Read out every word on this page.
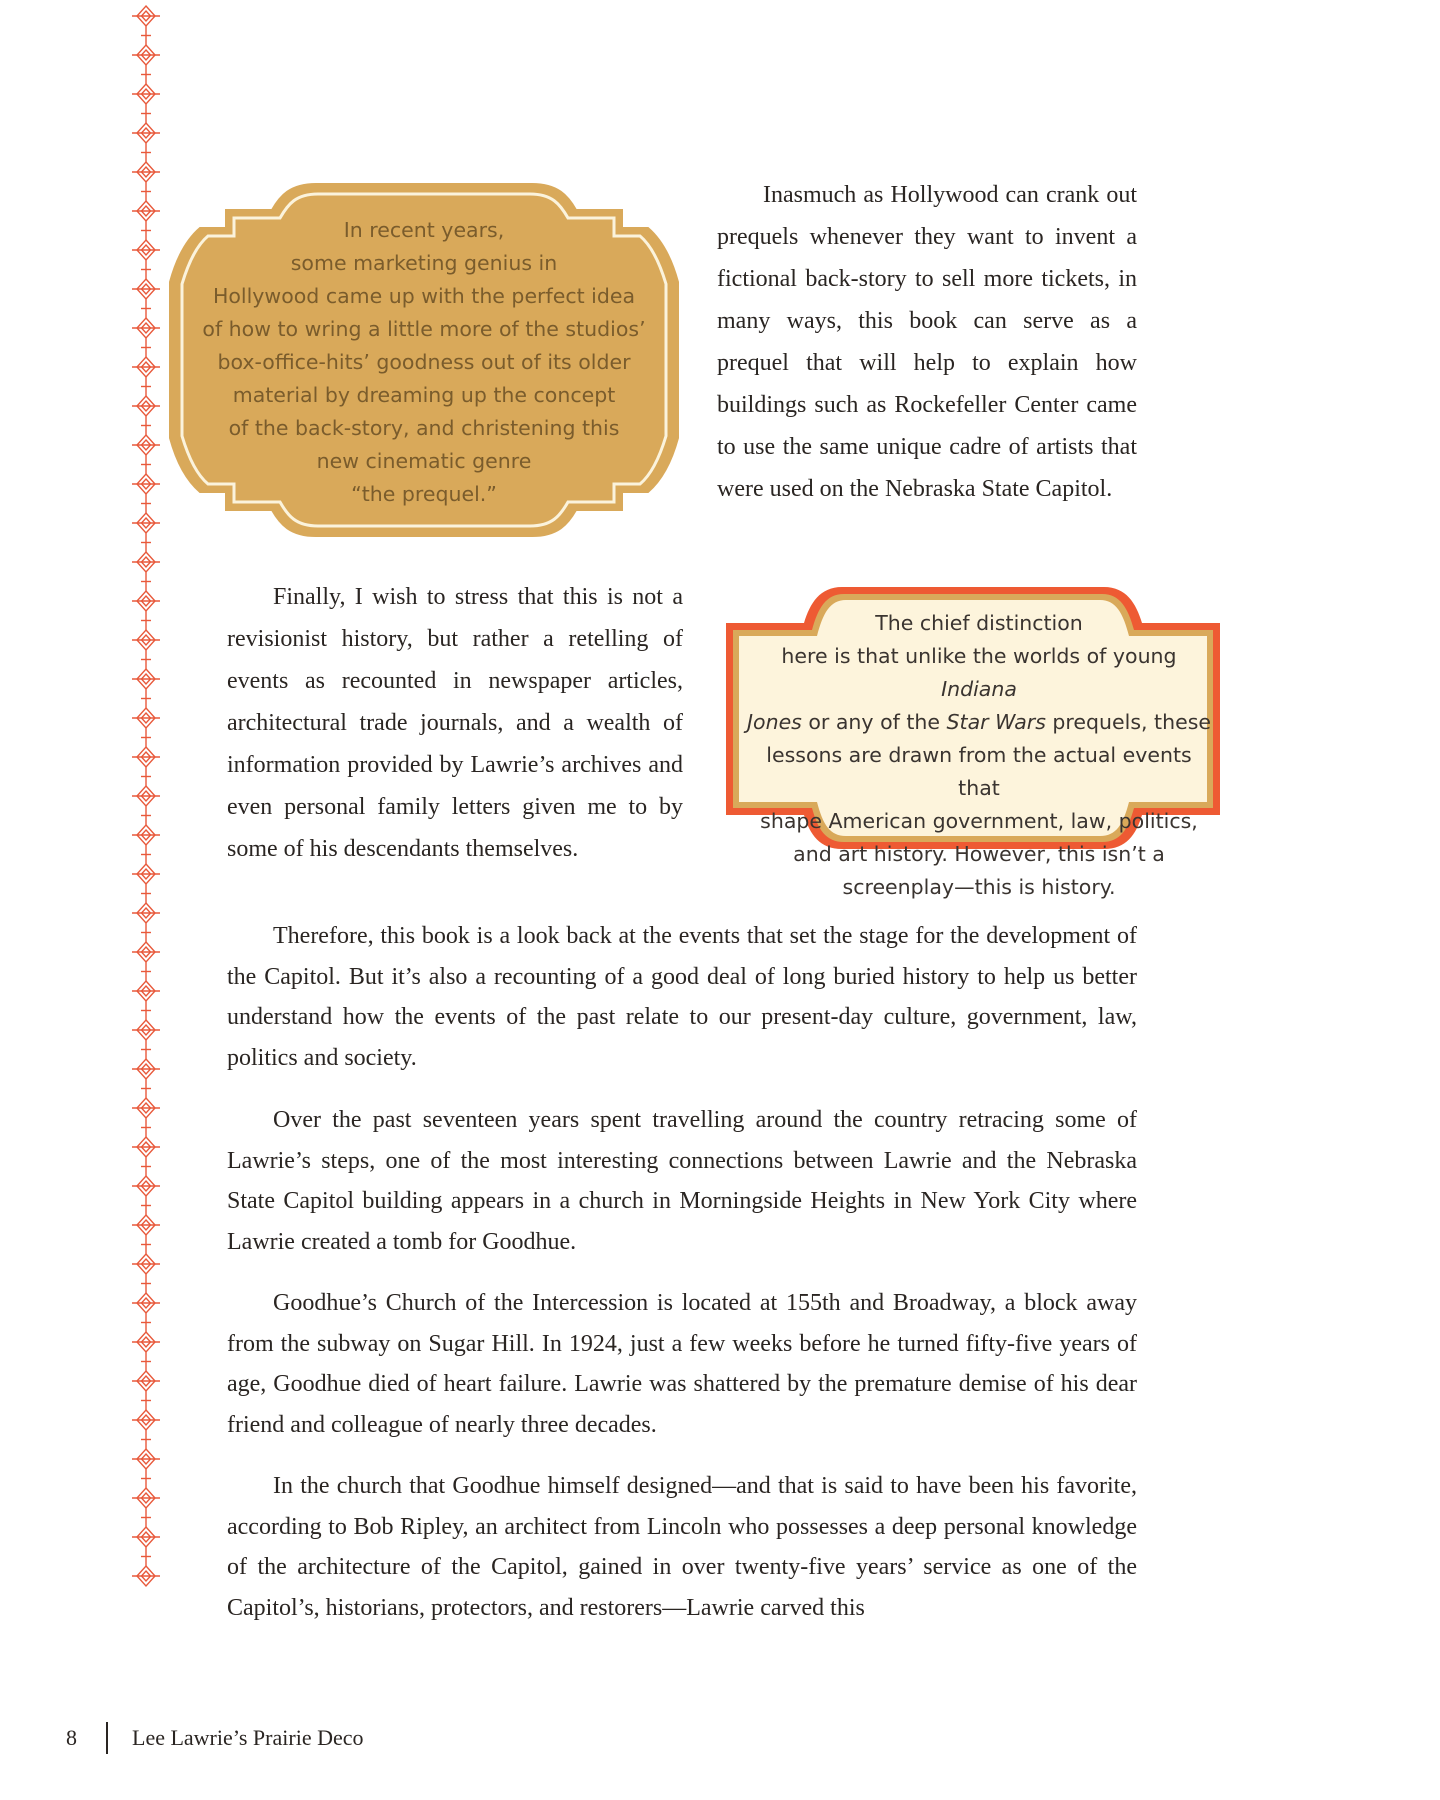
In recent years,
some marketing genius in
Hollywood came up with the perfect idea
of how to wring a little more of the studios’
box-office-hits’ goodness out of its older
material by dreaming up the concept
of the back-story, and christening this
new cinematic genre
“the prequel.”
The chief distinction
here is that unlike the worlds of young Indiana
Jones or any of the Star Wars prequels, these
lessons are drawn from the actual events that
shape American government, law, politics,
and art history. However, this isn’t a
screenplay—this is history.

Inasmuch as Hollywood can crank out prequels whenever they want to invent a fictional back-story to sell more tickets, in many ways, this book can serve as a prequel that will help to explain how buildings such as Rockefeller Center came to use the same unique cadre of artists that were used on the Nebraska State Capitol.

Finally, I wish to stress that this is not a revisionist history, but rather a retelling of events as recounted in newspaper articles, architectural trade journals, and a wealth of information provided by Lawrie’s archives and even personal family letters given me to by some of his descendants themselves.

Therefore, this book is a look back at the events that set the stage for the development of the Capitol. But it’s also a recounting of a good deal of long buried history to help us better understand how the events of the past relate to our present-day culture, government, law, politics and society.

Over the past seventeen years spent travelling around the country retracing some of Lawrie’s steps, one of the most interesting connections between Lawrie and the Nebraska State Capitol building appears in a church in Morningside Heights in New York City where Lawrie created a tomb for Goodhue.

Goodhue’s Church of the Intercession is located at 155th and Broadway, a block away from the subway on Sugar Hill. In 1924, just a few weeks before he turned fifty-five years of age, Goodhue died of heart failure. Lawrie was shattered by the premature demise of his dear friend and colleague of nearly three decades.

In the church that Goodhue himself designed—and that is said to have been his favorite, according to Bob Ripley, an architect from Lincoln who possesses a deep personal knowledge of the architecture of the Capitol, gained in over twenty-five years’ service as one of the Capitol’s, historians, protectors, and restorers—Lawrie carved this

8	Lee Lawrie’s Prairie Deco
